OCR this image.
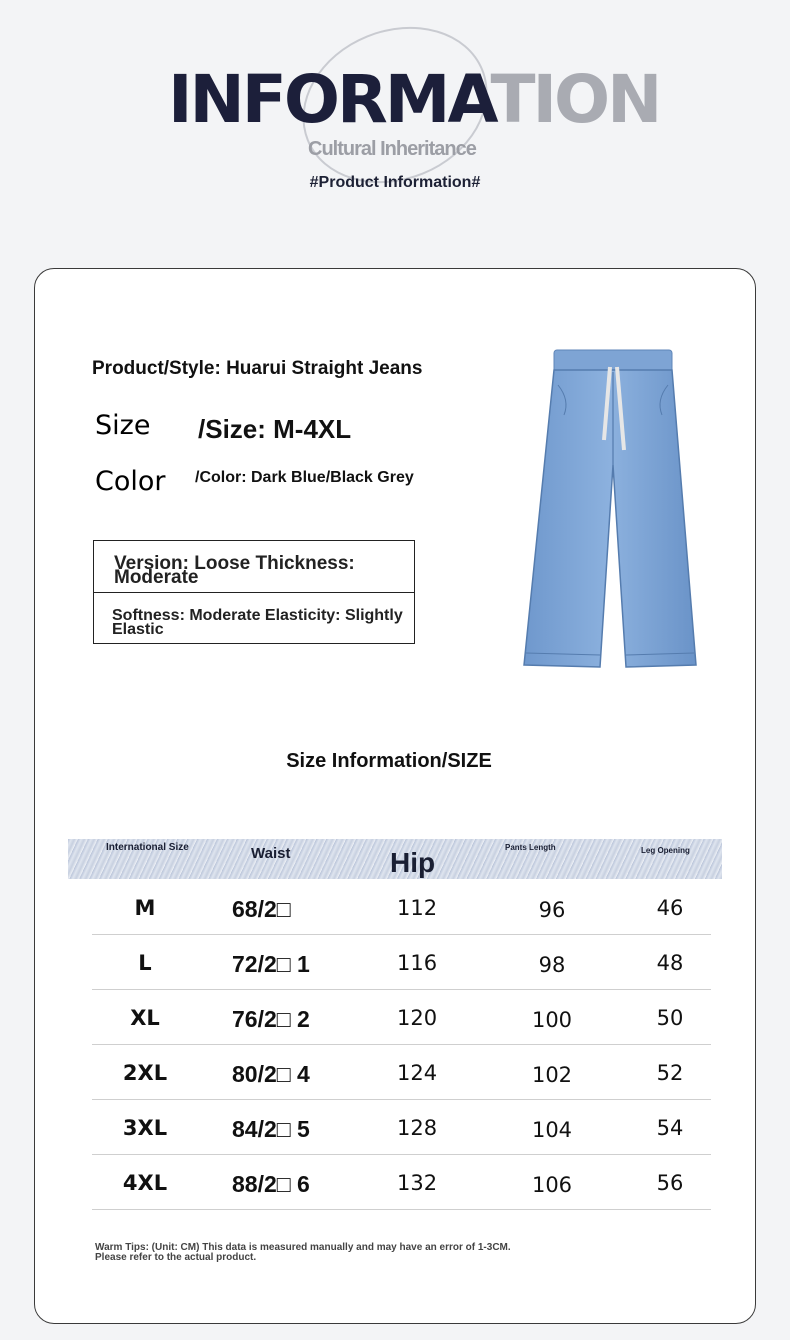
INFORMATION
Cultural Inheritance
#Product Information#
Product/Style: Huarui Straight Jeans
Size /Size: M-4XL
Color /Color: Dark Blue/Black Grey
Version: Loose Thickness: Moderate
Softness: Moderate Elasticity: Slightly Elastic
Size Information/SIZE
International Size	Waist	Hip	Pants Length	Leg Opening
M	68/2□	112	96	46
L	72/2□ 1	116	98	48
XL	76/2□ 2	120	100	50
2XL	80/2□ 4	124	102	52
3XL	84/2□ 5	128	104	54
4XL	88/2□ 6	132	106	56
Warm Tips: (Unit: CM) This data is measured manually and may have an error of 1-3CM. Please refer to the actual product.
